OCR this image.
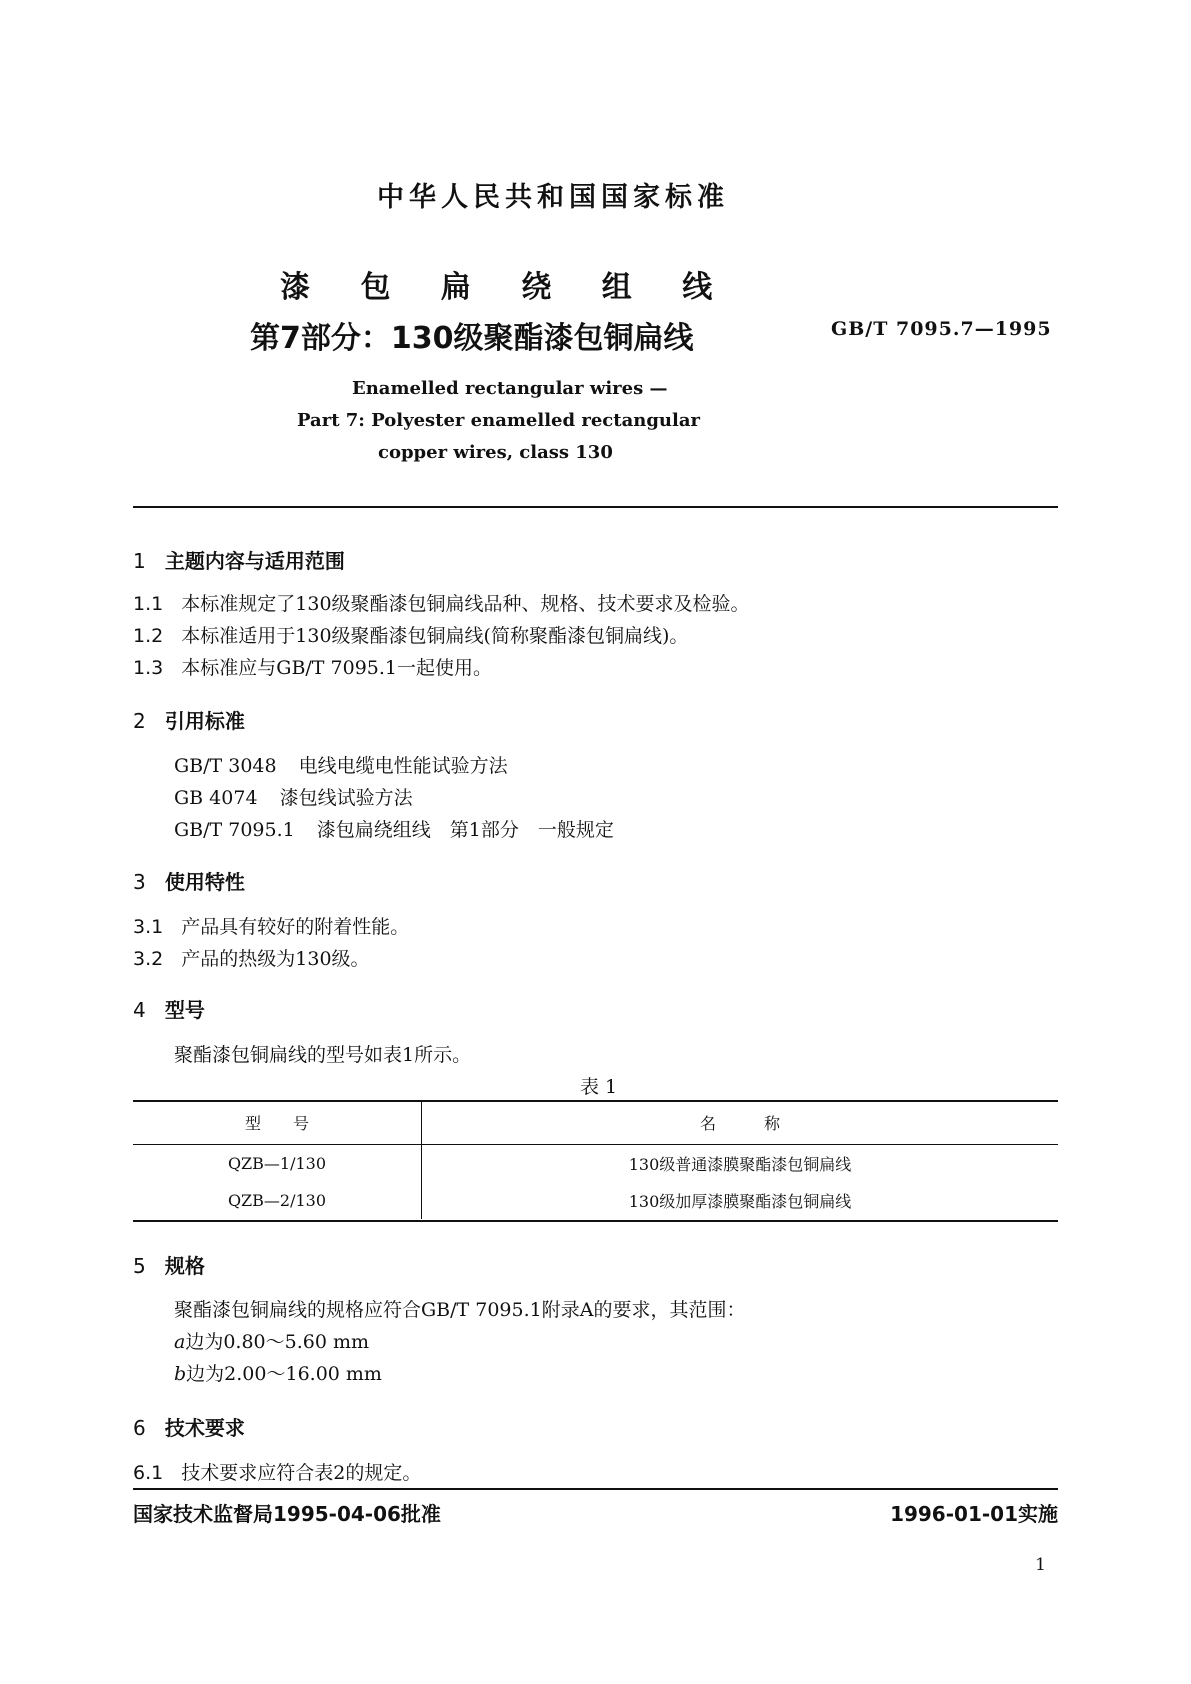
中华人民共和国国家标准
漆 包 扁 绕 组 线
第7部分：130级聚酯漆包铜扁线	GB/T 7095.7—1995
Enamelled rectangular wires —
Part 7: Polyester enamelled rectangular
copper wires, class 130
1 主题内容与适用范围
1.1 本标准规定了130级聚酯漆包铜扁线品种、规格、技术要求及检验。
1.2 本标准适用于130级聚酯漆包铜扁线(简称聚酯漆包铜扁线)。
1.3 本标准应与GB/T 7095.1一起使用。
2 引用标准
GB/T 3048 电线电缆电性能试验方法
GB 4074 漆包线试验方法
GB/T 7095.1 漆包扁绕组线　第1部分　一般规定
3 使用特性
3.1 产品具有较好的附着性能。
3.2 产品的热级为130级。
4 型号
聚酯漆包铜扁线的型号如表1所示。
表 1
型　　号	名　　　称
QZB—1/130	130级普通漆膜聚酯漆包铜扁线
QZB—2/130	130级加厚漆膜聚酯漆包铜扁线
5 规格
聚酯漆包铜扁线的规格应符合GB/T 7095.1附录A的要求，其范围：
a边为0.80～5.60 mm
b边为2.00～16.00 mm
6 技术要求
6.1 技术要求应符合表2的规定。
国家技术监督局1995-04-06批准	1996-01-01实施
1
